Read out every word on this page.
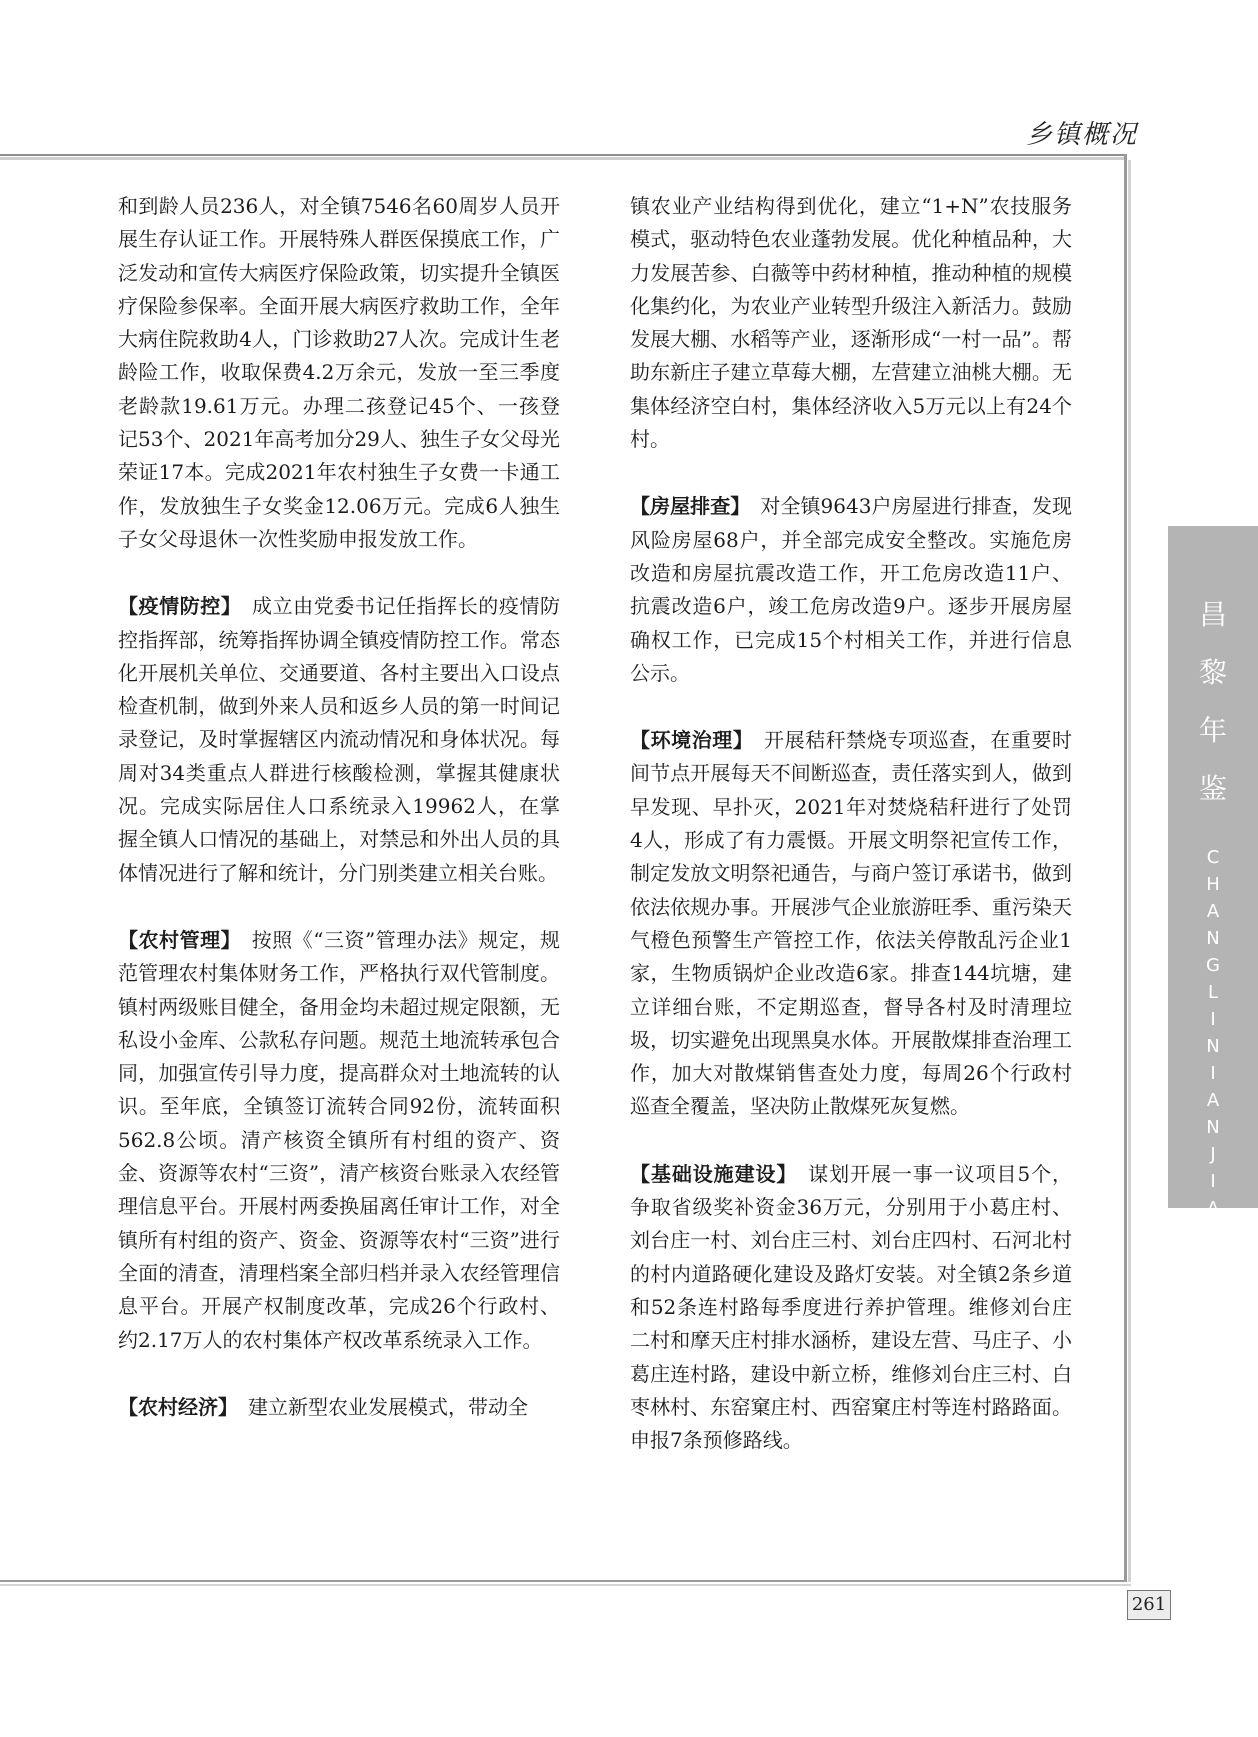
乡镇概况

和到龄人员236人，对全镇7546名60周岁人员开展生存认证工作。开展特殊人群医保摸底工作，广泛发动和宣传大病医疗保险政策，切实提升全镇医疗保险参保率。全面开展大病医疗救助工作，全年大病住院救助4人，门诊救助27人次。完成计生老龄险工作，收取保费4.2万余元，发放一至三季度老龄款19.61万元。办理二孩登记45个、一孩登记53个、2021年高考加分29人、独生子女父母光荣证17本。完成2021年农村独生子女费一卡通工作，发放独生子女奖金12.06万元。完成6人独生子女父母退休一次性奖励申报发放工作。

【疫情防控】　 成立由党委书记任指挥长的疫情防控指挥部，统筹指挥协调全镇疫情防控工作。常态化开展机关单位、交通要道、各村主要出入口设点检查机制，做到外来人员和返乡人员的第一时间记录登记，及时掌握辖区内流动情况和身体状况。每周对34类重点人群进行核酸检测，掌握其健康状况。完成实际居住人口系统录入19962人，在掌握全镇人口情况的基础上，对禁忌和外出人员的具体情况进行了解和统计，分门别类建立相关台账。

【农村管理】　 按照《“三资”管理办法》规定，规范管理农村集体财务工作，严格执行双代管制度。镇村两级账目健全，备用金均未超过规定限额，无私设小金库、公款私存问题。规范土地流转承包合同，加强宣传引导力度，提高群众对土地流转的认识。至年底，全镇签订流转合同92份，流转面积562.8公顷。清产核资全镇所有村组的资产、资金、资源等农村“三资”，清产核资台账录入农经管理信息平台。开展村两委换届离任审计工作，对全镇所有村组的资产、资金、资源等农村“三资”进行全面的清查，清理档案全部归档并录入农经管理信息平台。开展产权制度改革，完成26个行政村、约2.17万人的农村集体产权改革系统录入工作。

【农村经济】　 建立新型农业发展模式，带动全

镇农业产业结构得到优化，建立“1+N”农技服务模式，驱动特色农业蓬勃发展。优化种植品种，大力发展苦参、白薇等中药材种植，推动种植的规模化集约化，为农业产业转型升级注入新活力。鼓励发展大棚、水稻等产业，逐渐形成“一村一品”。帮助东新庄子建立草莓大棚，左营建立油桃大棚。无集体经济空白村，集体经济收入5万元以上有24个村。

【房屋排查】　 对全镇9643户房屋进行排查，发现风险房屋68户，并全部完成安全整改。实施危房改造和房屋抗震改造工作，开工危房改造11户、抗震改造6户，竣工危房改造9户。逐步开展房屋确权工作，已完成15个村相关工作，并进行信息公示。

【环境治理】　 开展秸秆禁烧专项巡查，在重要时间节点开展每天不间断巡查，责任落实到人，做到早发现、早扑灭，2021年对焚烧秸秆进行了处罚4人，形成了有力震慑。开展文明祭祀宣传工作，制定发放文明祭祀通告，与商户签订承诺书，做到依法依规办事。开展涉气企业旅游旺季、重污染天气橙色预警生产管控工作，依法关停散乱污企业1家，生物质锅炉企业改造6家。排查144坑塘，建立详细台账，不定期巡查，督导各村及时清理垃圾，切实避免出现黑臭水体。开展散煤排查治理工作，加大对散煤销售查处力度，每周26个行政村巡查全覆盖，坚决防止散煤死灰复燃。

【基础设施建设】　 谋划开展一事一议项目5个，争取省级奖补资金36万元，分别用于小葛庄村、刘台庄一村、刘台庄三村、刘台庄四村、石河北村的村内道路硬化建设及路灯安装。对全镇2条乡道和52条连村路每季度进行养护管理。维修刘台庄二村和摩天庄村排水涵桥，建设左营、马庄子、小葛庄连村路，建设中新立桥，维修刘台庄三村、白枣林村、东窑窠庄村、西窑窠庄村等连村路路面。申报7条预修路线。

昌
黎
年
鉴
C
H
A
N
G
L
I
N
I
A
N
J
I
A
N
261
